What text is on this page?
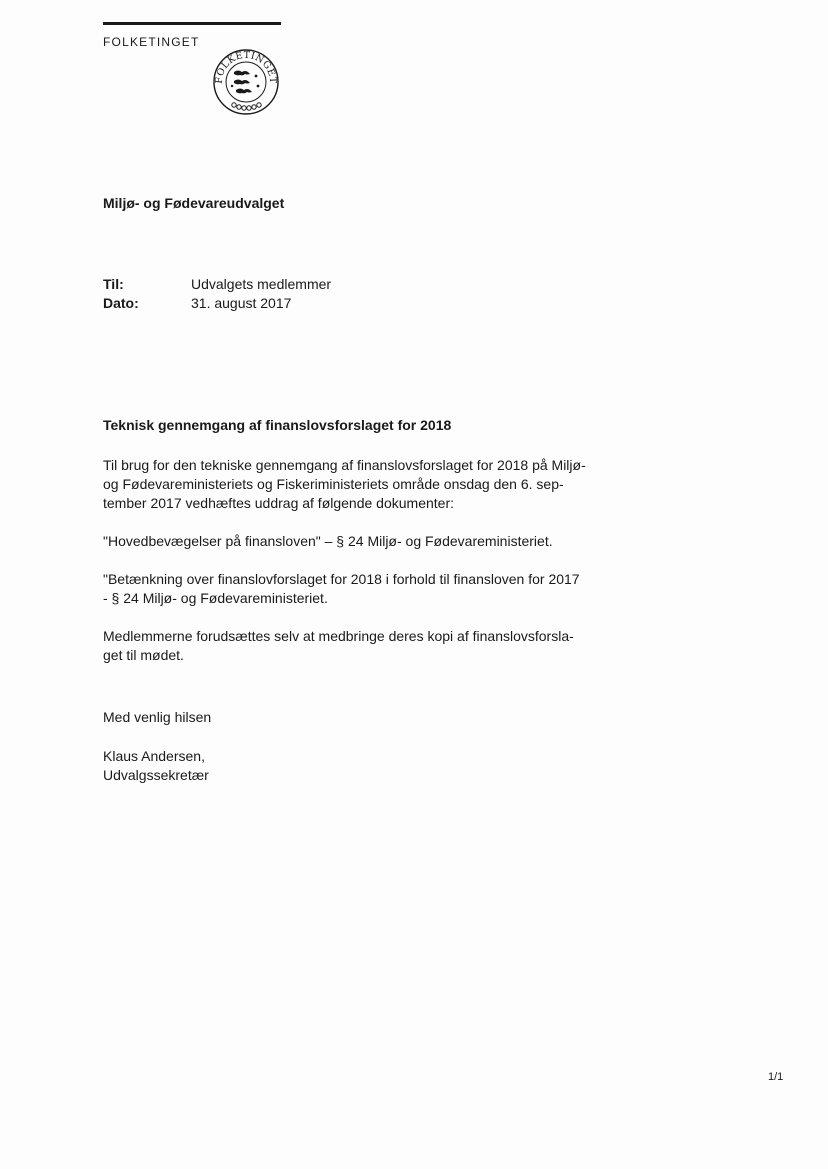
FOLKETINGET
FOLKETINGET
Miljø- og Fødevareudvalget
Til:	Udvalgets medlemmer
Dato:	31. august 2017
Teknisk gennemgang af finanslovsforslaget for 2018

Til brug for den tekniske gennemgang af finanslovsforslaget for 2018 på Miljø-
og Fødevareministeriets og Fiskeriministeriets område onsdag den 6. sep-
tember 2017 vedhæftes uddrag af følgende dokumenter:

"Hovedbevægelser på finansloven" – § 24 Miljø- og Fødevareministeriet.

"Betænkning over finanslovforslaget for 2018 i forhold til finansloven for 2017
- § 24 Miljø- og Fødevareministeriet.

Medlemmerne forudsættes selv at medbringe deres kopi af finanslovsforsla-
get til mødet.

Med venlig hilsen
Klaus Andersen,
Udvalgssekretær
1/1
